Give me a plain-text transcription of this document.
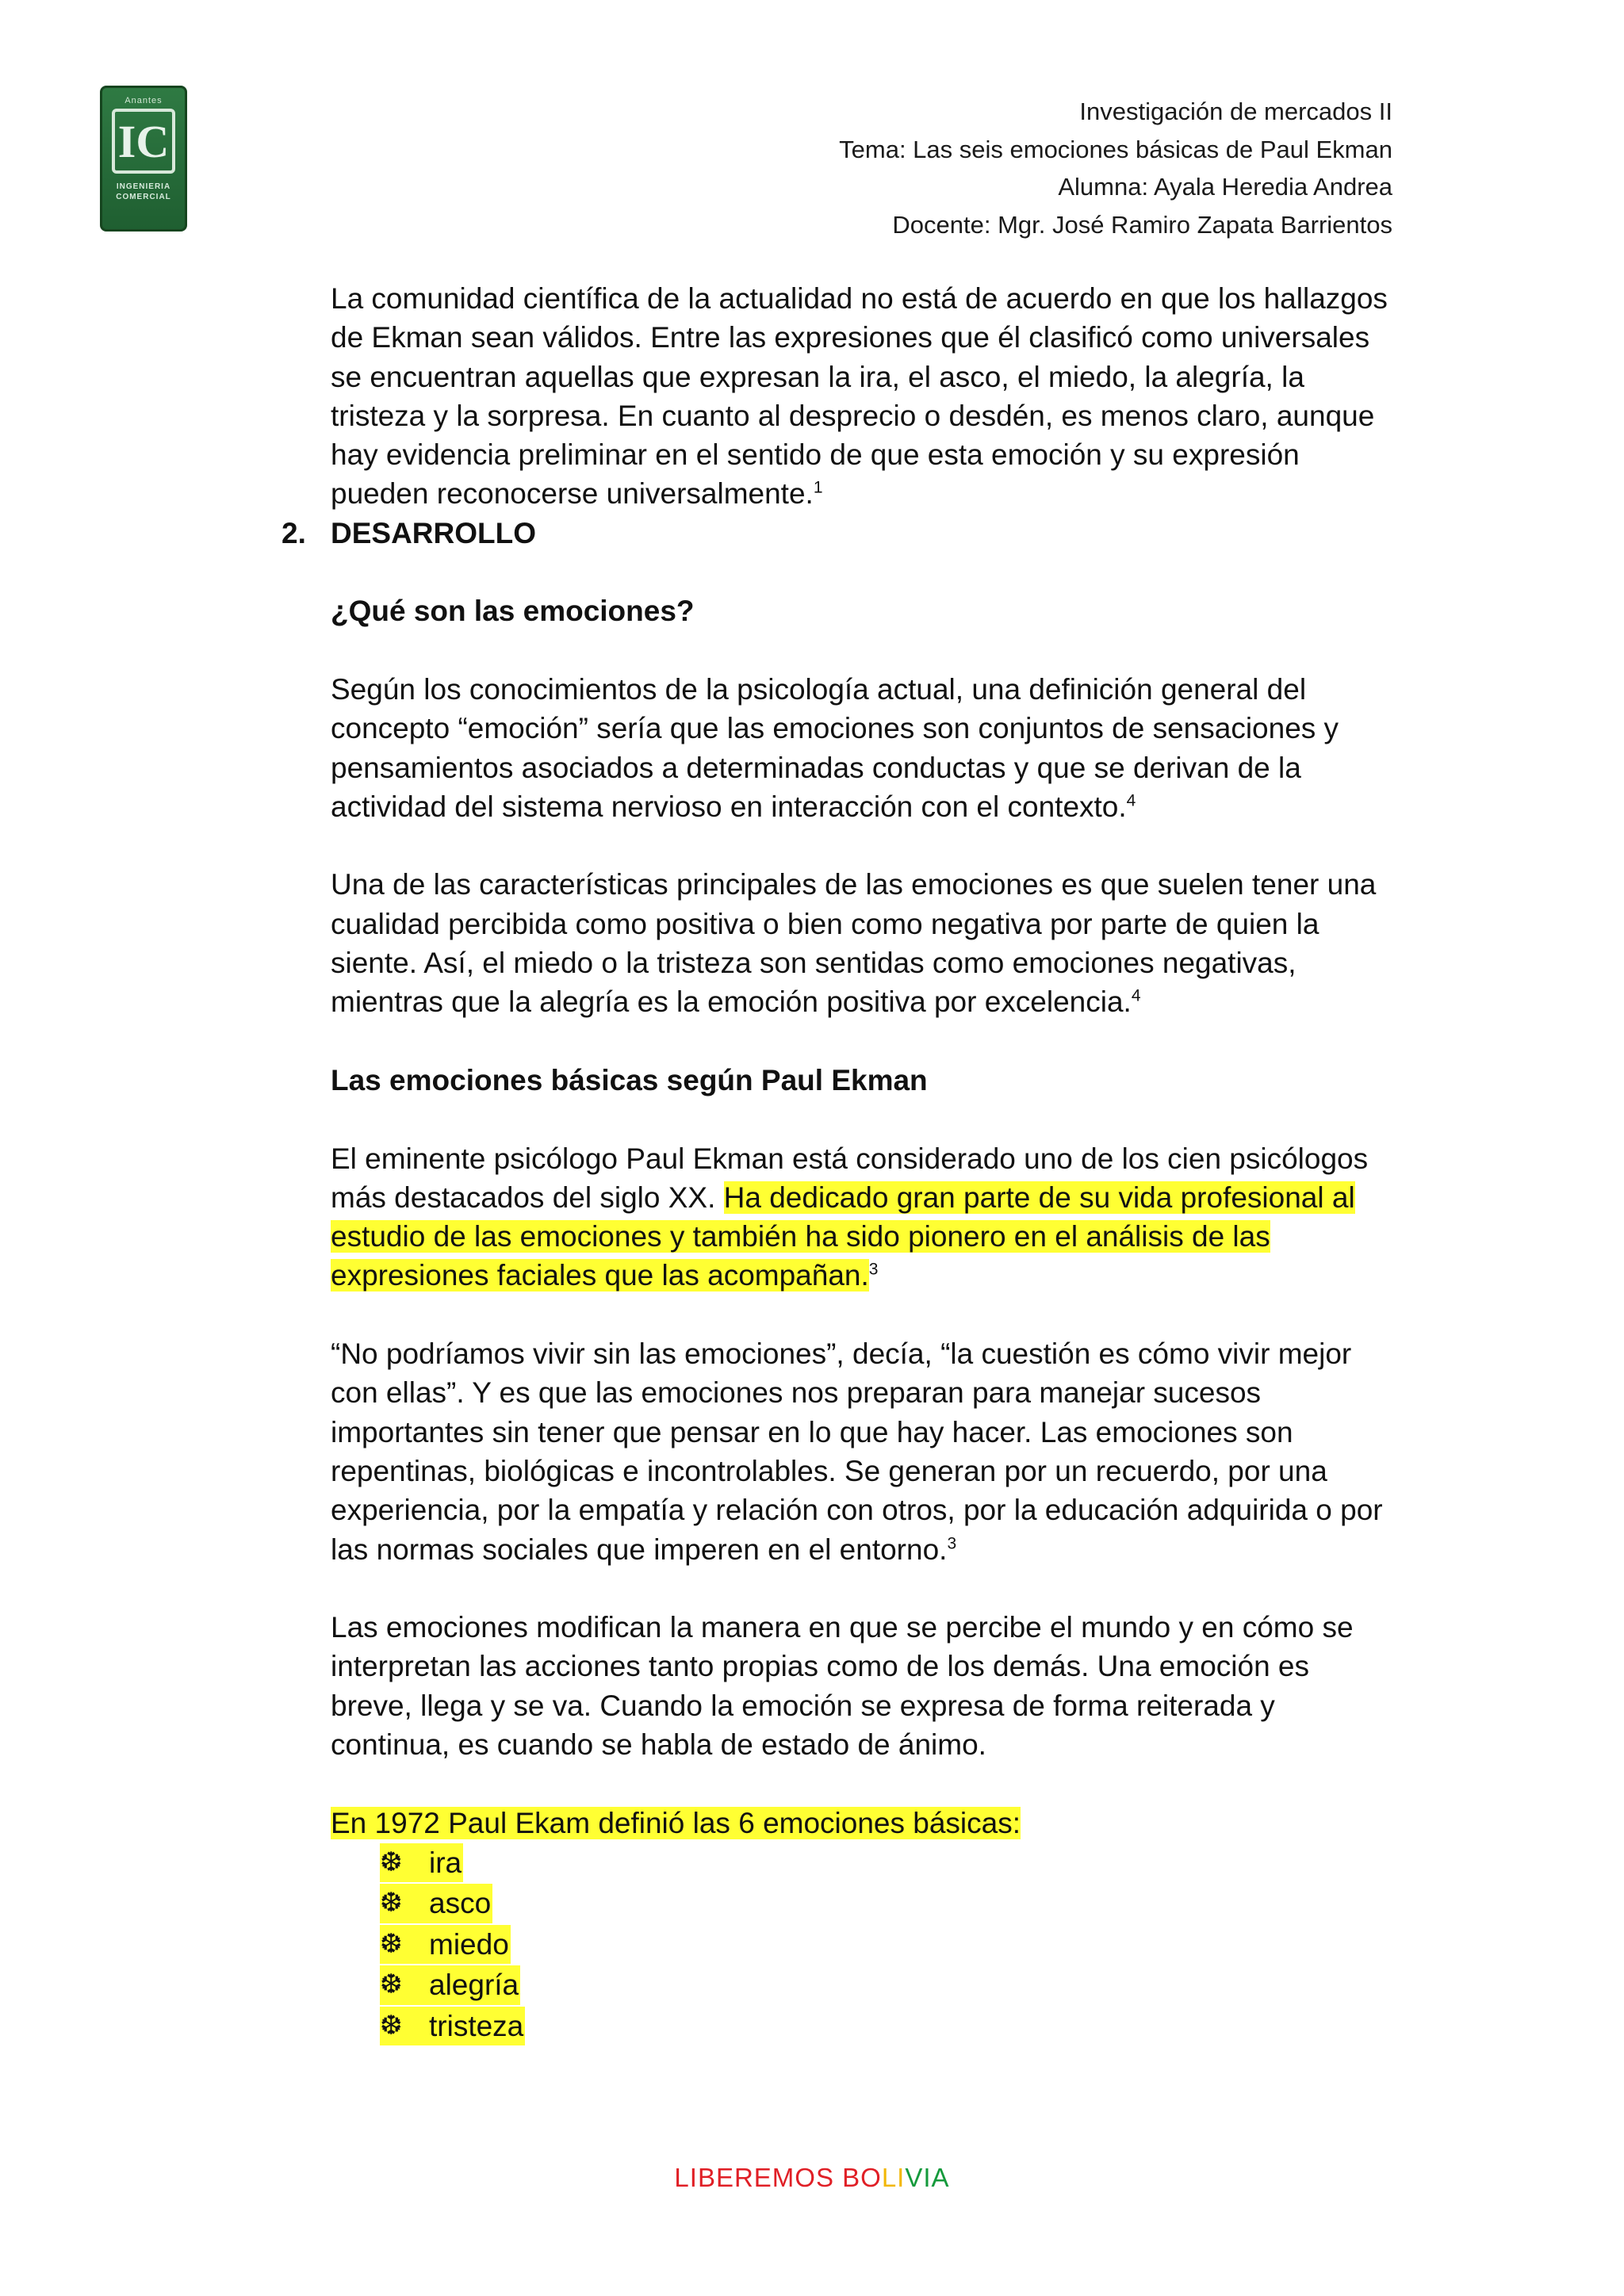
Anantes
IC
INGENIERIA
COMERCIAL
Investigación de mercados II
Tema: Las seis emociones básicas de Paul Ekman
Alumna: Ayala Heredia Andrea
Docente: Mgr. José Ramiro Zapata Barrientos

La comunidad científica de la actualidad no está de acuerdo en que los hallazgos de Ekman sean válidos. Entre las expresiones que él clasificó como universales se encuentran aquellas que expresan la ira, el asco, el miedo, la alegría, la tristeza y la sorpresa. En cuanto al desprecio o desdén, es menos claro, aunque hay evidencia preliminar en el sentido de que esta emoción y su expresión pueden reconocerse universalmente.$^1$

2. DESARROLLO

¿Qué son las emociones?

Según los conocimientos de la psicología actual, una definición general del concepto “emoción” sería que las emociones son conjuntos de sensaciones y pensamientos asociados a determinadas conductas y que se derivan de la actividad del sistema nervioso en interacción con el contexto.$^4$

Una de las características principales de las emociones es que suelen tener una cualidad percibida como positiva o bien como negativa por parte de quien la siente. Así, el miedo o la tristeza son sentidas como emociones negativas, mientras que la alegría es la emoción positiva por excelencia.$^4$

Las emociones básicas según Paul Ekman

El eminente psicólogo Paul Ekman está considerado uno de los cien psicólogos más destacados del siglo XX. Ha dedicado gran parte de su vida profesional al estudio de las emociones y también ha sido pionero en el análisis de las expresiones faciales que las acompañan.$^3$

“No podríamos vivir sin las emociones”, decía, “la cuestión es cómo vivir mejor con ellas”. Y es que las emociones nos preparan para manejar sucesos importantes sin tener que pensar en lo que hay hacer. Las emociones son repentinas, biológicas e incontrolables. Se generan por un recuerdo, por una experiencia, por la empatía y relación con otros, por la educación adquirida o por las normas sociales que imperen en el entorno.$^3$

Las emociones modifican la manera en que se percibe el mundo y en cómo se interpretan las acciones tanto propias como de los demás. Una emoción es breve, llega y se va. Cuando la emoción se expresa de forma reiterada y continua, es cuando se habla de estado de ánimo.

En 1972 Paul Ekam definió las 6 emociones básicas:

❆ ira
❆ asco
❆ miedo
❆ alegría
❆ tristeza
LIBEREMOS BOLIVIA
